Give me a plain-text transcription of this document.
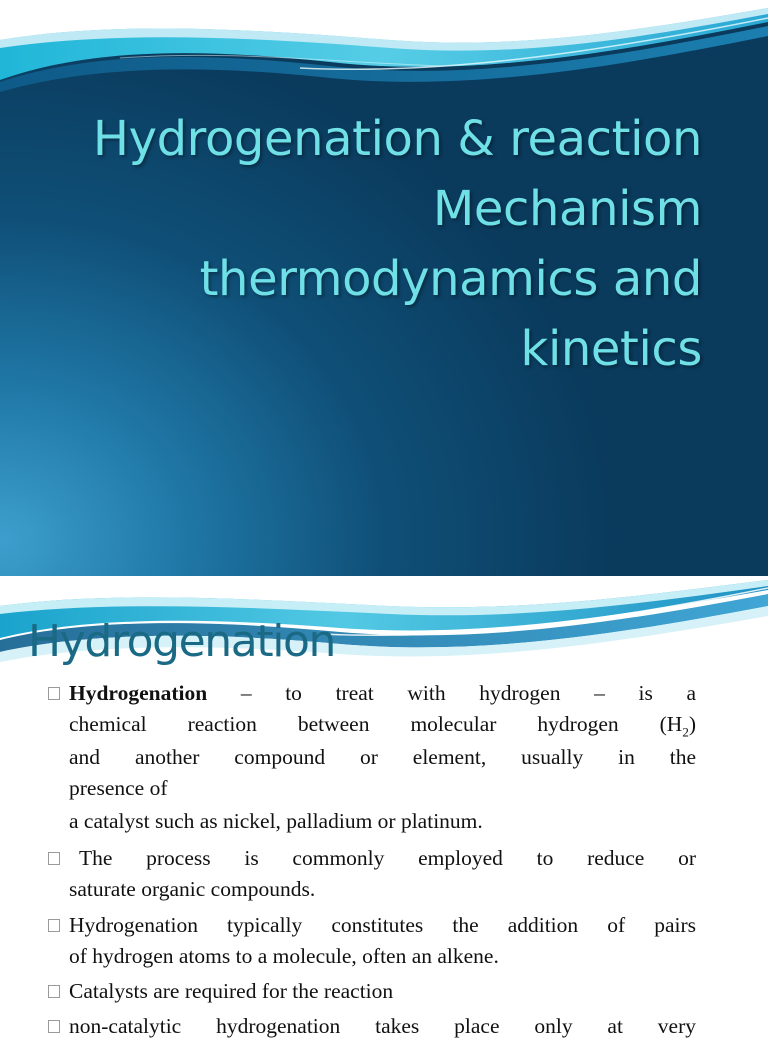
Hydrogenation & reaction
Mechanism
thermodynamics and
kinetics
Hydrogenation
Hydrogenation – to treat with hydrogen – is a
chemical reaction between molecular hydrogen $(H_2)$
and another compound or element, usually in the
presence of
a catalyst such as nickel, palladium or platinum.
The process is commonly employed to reduce or
saturate organic compounds.
Hydrogenation typically constitutes the addition of pairs
of hydrogen atoms to a molecule, often an alkene.
Catalysts are required for the reaction
non-catalytic hydrogenation takes place only at very
